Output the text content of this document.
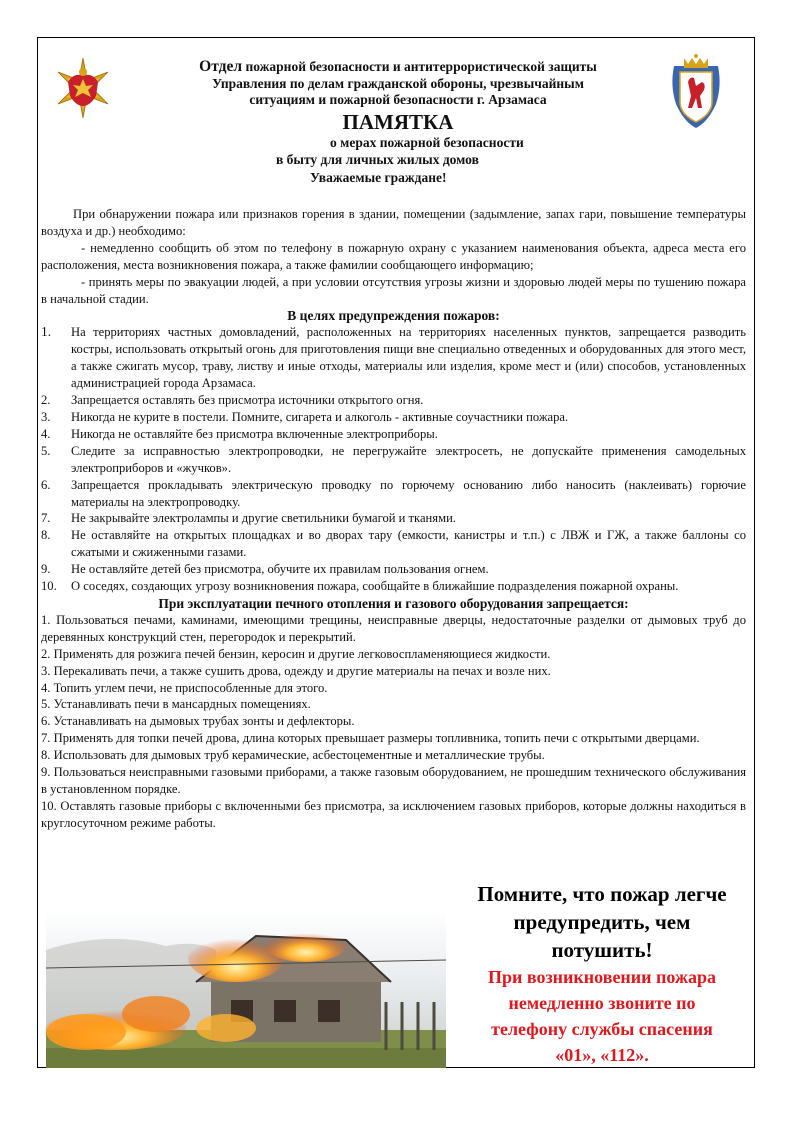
Отдел пожарной безопасности и антитеррористической защиты
Управления по делам гражданской обороны, чрезвычайным
ситуациям и пожарной безопасности г. Арзамаса
ПАМЯТКА
о мерах пожарной безопасности
в быту для личных жилых домов
Уважаемые граждане!

При обнаружении пожара или признаков горения в здании, помещении (задымление, запах гари, повышение температуры воздуха и др.) необходимо:

- немедленно сообщить об этом по телефону в пожарную охрану с указанием наименования объекта, адреса места его расположения, места возникновения пожара, а также фамилии сообщающего информацию;

- принять меры по эвакуации людей, а при условии отсутствия угрозы жизни и здоровью людей меры по тушению пожара в начальной стадии.

В целях предупреждения пожаров:

1.	На территориях частных домовладений, расположенных на территориях населенных пунктов, запрещается разводить костры, использовать открытый огонь для приготовления пищи вне специально отведенных и оборудованных для этого мест, а также сжигать мусор, траву, листву и иные отходы, материалы или изделия, кроме мест и (или) способов, установленных администрацией города Арзамаса.
2.	Запрещается оставлять без присмотра источники открытого огня.
3.	Никогда не курите в постели. Помните, сигарета и алкоголь - активные соучастники пожара.
4.	Никогда не оставляйте без присмотра включенные электроприборы.
5.	Следите за исправностью электропроводки, не перегружайте электросеть, не допускайте применения самодельных электроприборов и «жучков».
6.	Запрещается прокладывать электрическую проводку по горючему основанию либо наносить (наклеивать) горючие материалы на электропроводку.
7.	Не закрывайте электролампы и другие светильники бумагой и тканями.
8.	Не оставляйте на открытых площадках и во дворах тару (емкости, канистры и т.п.) с ЛВЖ и ГЖ, а также баллоны со сжатыми и сжиженными газами.
9.	Не оставляйте детей без присмотра, обучите их правилам пользования огнем.
10.	О соседях, создающих угрозу возникновения пожара, сообщайте в ближайшие подразделения пожарной охраны.

При эксплуатации печного отопления и газового оборудования запрещается:

1. Пользоваться печами, каминами, имеющими трещины, неисправные дверцы, недостаточные разделки от дымовых труб до деревянных конструкций стен, перегородок и перекрытий.

2. Применять для розжига печей бензин, керосин и другие легковоспламеняющиеся жидкости.

3. Перекаливать печи, а также сушить дрова, одежду и другие материалы на печах и возле них.

4. Топить углем печи, не приспособленные для этого.

5. Устанавливать печи в мансардных помещениях.

6. Устанавливать на дымовых трубах зонты и дефлекторы.

7. Применять для топки печей дрова, длина которых превышает размеры топливника, топить печи с открытыми дверцами.

8. Использовать для дымовых труб керамические, асбестоцементные и металлические трубы.

9. Пользоваться неисправными газовыми приборами, а также газовым оборудованием, не прошедшим технического обслуживания в установленном порядке.

10. Оставлять газовые приборы с включенными без присмотра, за исключением газовых приборов, которые должны находиться в круглосуточном режиме работы.

Помните, что пожар легче
предупредить, чем
потушить!
При возникновении пожара
немедленно звоните по
телефону службы спасения
«01», «112».
